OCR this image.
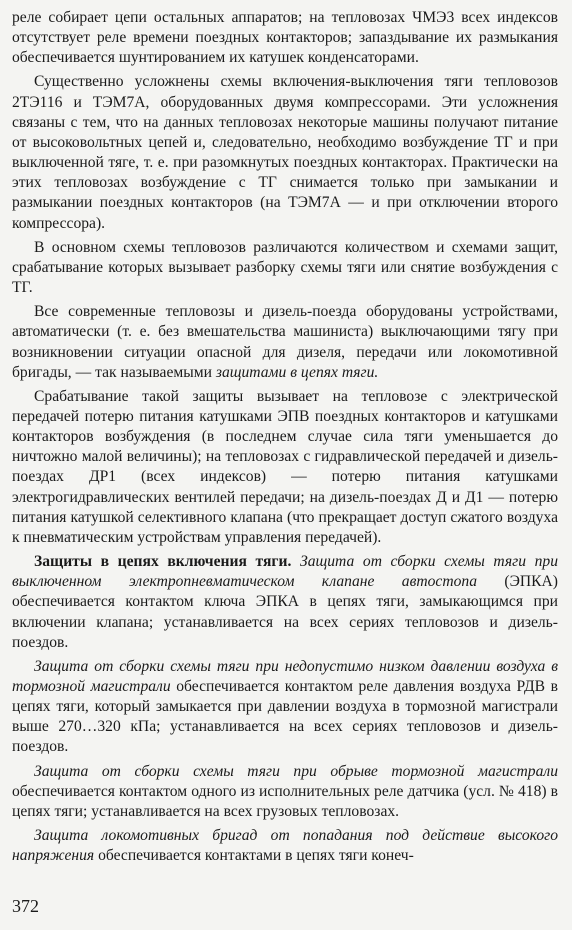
реле собирает цепи остальных аппаратов; на тепловозах ЧМЭ3 всех индексов отсутствует реле времени поездных контакторов; запаздывание их размыкания обеспечивается шунтированием их катушек конденсаторами.

Существенно усложнены схемы включения-выключения тяги тепловозов 2ТЭ116 и ТЭМ7А, оборудованных двумя компрессорами. Эти усложнения связаны с тем, что на данных тепловозах некоторые машины получают питание от высоковольтных цепей и, следовательно, необходимо возбуждение ТГ и при выключенной тяге, т. е. при разомкнутых поездных контакторах. Практически на этих тепловозах возбуждение с ТГ снимается только при замыкании и размыкании поездных контакторов (на ТЭМ7А — и при отключении второго компрессора).

В основном схемы тепловозов различаются количеством и схемами защит, срабатывание которых вызывает разборку схемы тяги или снятие возбуждения с ТГ.

Все современные тепловозы и дизель-поезда оборудованы устройствами, автоматически (т. е. без вмешательства машиниста) выключающими тягу при возникновении ситуации опасной для дизеля, передачи или локомотивной бригады, — так называемыми защитами в цепях тяги.

Срабатывание такой защиты вызывает на тепловозе с электрической передачей потерю питания катушками ЭПВ поездных контакторов и катушками контакторов возбуждения (в последнем случае сила тяги уменьшается до ничтожно малой величины); на тепловозах с гидравлической передачей и дизель-поездах ДР1 (всех индексов) — потерю питания катушками электрогидравлических вентилей передачи; на дизель-поездах Д и Д1 — потерю питания катушкой селективного клапана (что прекращает доступ сжатого воздуха к пневматическим устройствам управления передачей).

Защиты в цепях включения тяги. Защита от сборки схемы тяги при выключенном электропневматическом клапане автостопа (ЭПКА) обеспечивается контактом ключа ЭПКА в цепях тяги, замыкающимся при включении клапана; устанавливается на всех сериях тепловозов и дизель-поездов.

Защита от сборки схемы тяги при недопустимо низком давлении воздуха в тормозной магистрали обеспечивается контактом реле давления воздуха РДВ в цепях тяги, который замыкается при давлении воздуха в тормозной магистрали выше 270…320 кПа; устанавливается на всех сериях тепловозов и дизель-поездов.

Защита от сборки схемы тяги при обрыве тормозной магистрали обеспечивается контактом одного из исполнительных реле датчика (усл. № 418) в цепях тяги; устанавливается на всех грузовых тепловозах.

Защита локомотивных бригад от попадания под действие высокого напряжения обеспечивается контактами в цепях тяги конеч-

372
